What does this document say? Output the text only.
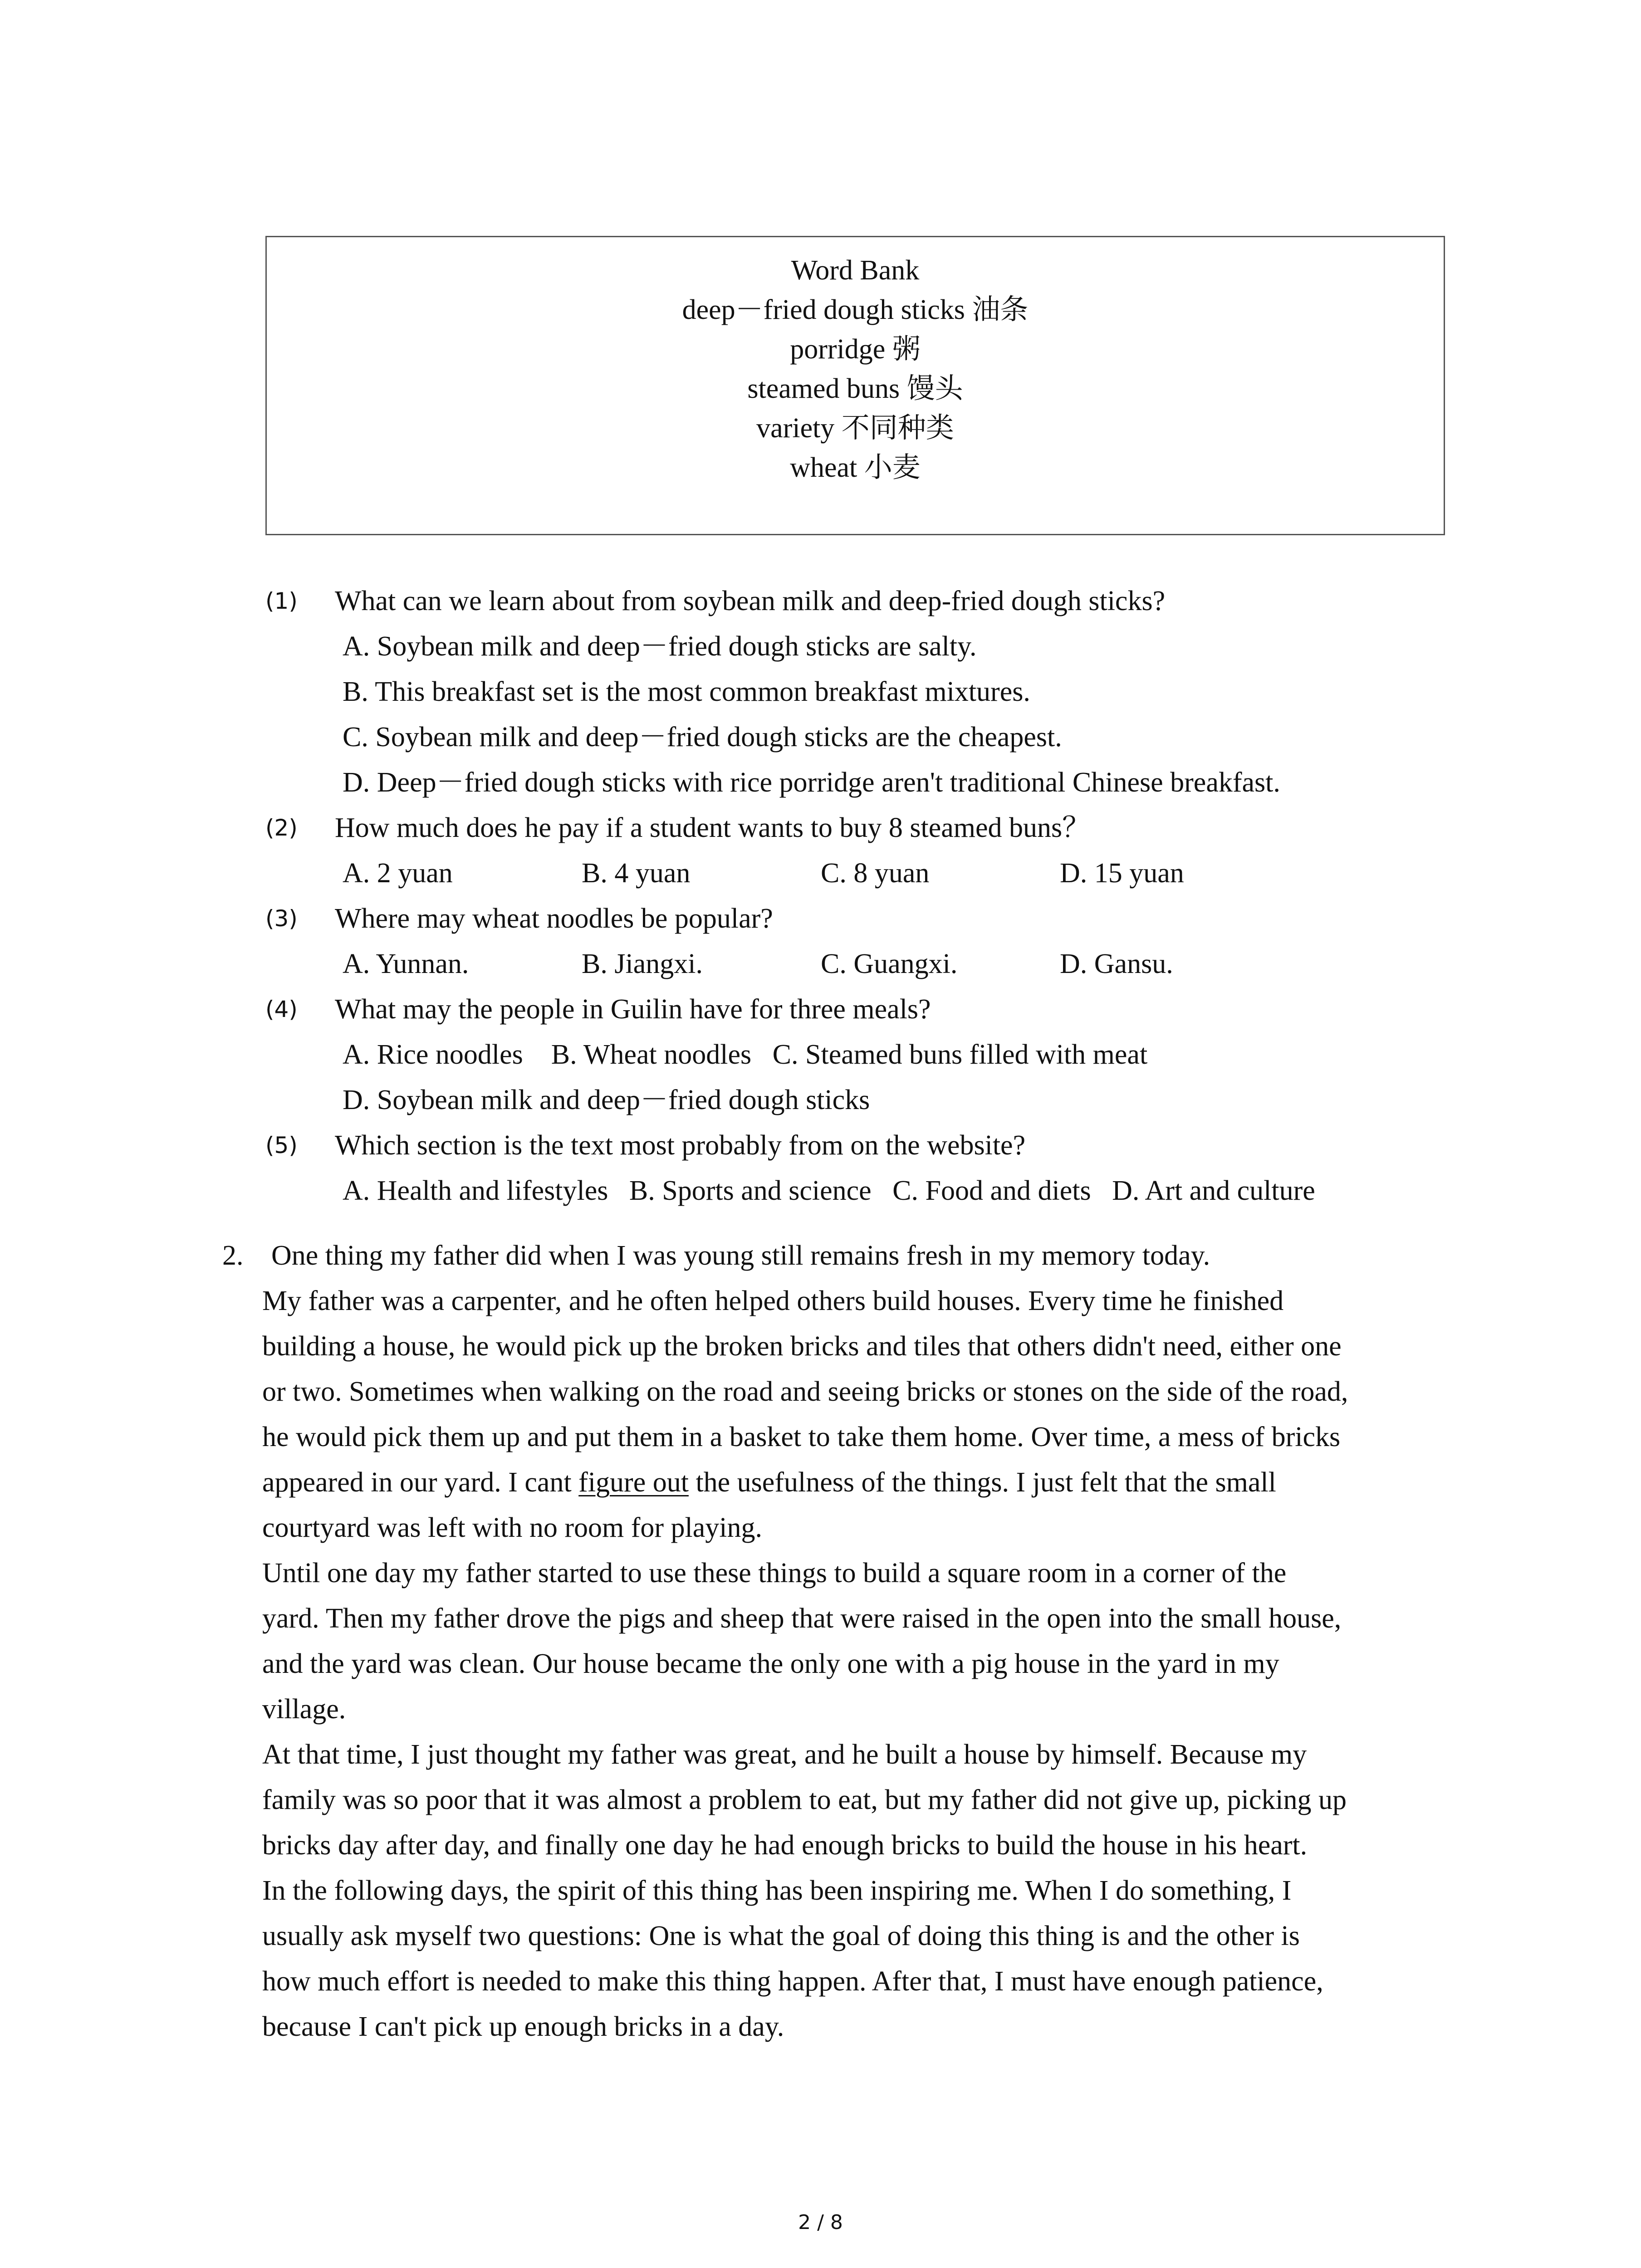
Word Bank
deep－fried dough sticks 油条
porridge 粥
steamed buns 馒头
variety 不同种类
wheat 小麦
(1) What can we learn about from soybean milk and deep-fried dough sticks?
A. Soybean milk and deep－fried dough sticks are salty.
B. This breakfast set is the most common breakfast mixtures.
C. Soybean milk and deep－fried dough sticks are the cheapest.
D. Deep－fried dough sticks with rice porridge aren't traditional Chinese breakfast.
(2) How much does he pay if a student wants to buy 8 steamed buns？
A. 2 yuan	B. 4 yuan	C. 8 yuan	D. 15 yuan
(3) Where may wheat noodles be popular?
A. Yunnan.	B. Jiangxi.	C. Guangxi.	D. Gansu.
(4) What may the people in Guilin have for three meals?
A. Rice noodles    B. Wheat noodles   C. Steamed buns filled with meat
D. Soybean milk and deep－fried dough sticks
(5) Which section is the text most probably from on the website?
A. Health and lifestyles   B. Sports and science   C. Food and diets   D. Art and culture
2. One thing my father did when I was young still remains fresh in my memory today.
My father was a carpenter, and he often helped others build houses. Every time he finished
building a house, he would pick up the broken bricks and tiles that others didn't need, either one
or two. Sometimes when walking on the road and seeing bricks or stones on the side of the road,
he would pick them up and put them in a basket to take them home. Over time, a mess of bricks
appeared in our yard. I cant figure out the usefulness of the things. I just felt that the small
courtyard was left with no room for playing.
Until one day my father started to use these things to build a square room in a corner of the
yard. Then my father drove the pigs and sheep that were raised in the open into the small house,
and the yard was clean. Our house became the only one with a pig house in the yard in my
village.
At that time, I just thought my father was great, and he built a house by himself. Because my
family was so poor that it was almost a problem to eat, but my father did not give up, picking up
bricks day after day, and finally one day he had enough bricks to build the house in his heart.
In the following days, the spirit of this thing has been inspiring me. When I do something, I
usually ask myself two questions: One is what the goal of doing this thing is and the other is
how much effort is needed to make this thing happen. After that, I must have enough patience,
because I can't pick up enough bricks in a day.
2 / 8
